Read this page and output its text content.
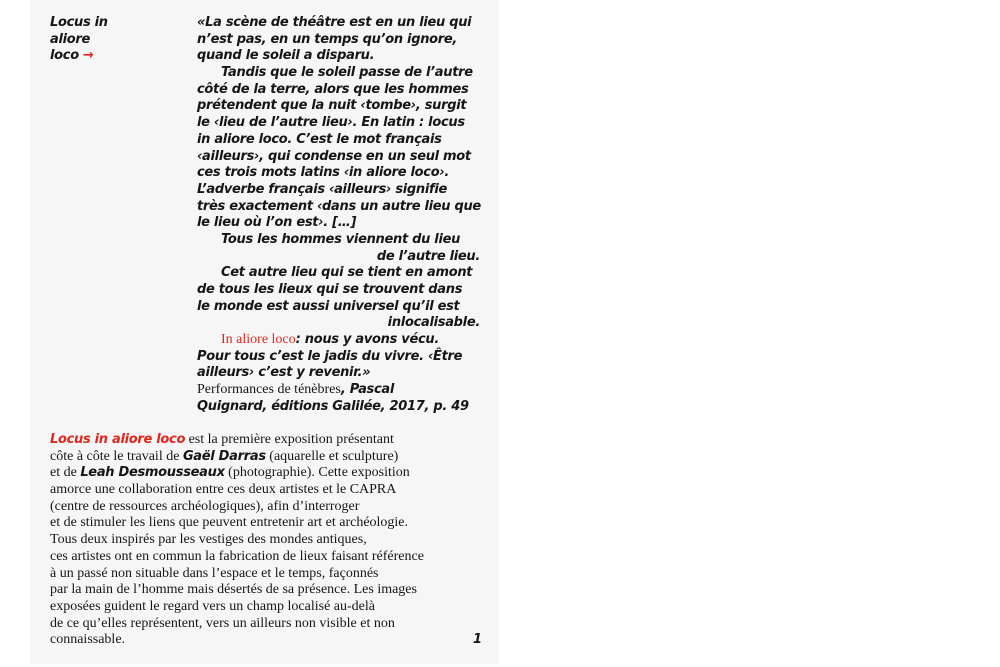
Locus in
aliore
loco →
«La scène de théâtre est en un lieu qui
n’est pas, en un temps qu’on ignore,
quand le soleil a disparu.
Tandis que le soleil passe de l’autre
côté de la terre, alors que les hommes
prétendent que la nuit ‹tombe›, surgit
le ‹lieu de l’autre lieu›. En latin : locus
in aliore loco. C’est le mot français
‹ailleurs›, qui condense en un seul mot
ces trois mots latins ‹in aliore loco›.
L’adverbe français ‹ailleurs› signifie
très exactement ‹dans un autre lieu que
le lieu où l’on est›. […]
Tous les hommes viennent du lieu
de l’autre lieu.
Cet autre lieu qui se tient en amont
de tous les lieux qui se trouvent dans
le monde est aussi universel qu’il est
inlocalisable.
In aliore loco: nous y avons vécu.
Pour tous c’est le jadis du vivre. ‹Être
ailleurs› c’est y revenir.»
Performances de ténèbres, Pascal
Quignard, éditions Galilée, 2017, p. 49
Locus in aliore loco est la première exposition présentant
côte à côte le travail de Gaël Darras (aquarelle et sculpture)
et de Leah Desmousseaux (photographie). Cette exposition
amorce une collaboration entre ces deux artistes et le CAPRA
(centre de ressources archéologiques), afin d’interroger
et de stimuler les liens que peuvent entretenir art et archéologie.
Tous deux inspirés par les vestiges des mondes antiques,
ces artistes ont en commun la fabrication de lieux faisant référence
à un passé non situable dans l’espace et le temps, façonnés
par la main de l’homme mais désertés de sa présence. Les images
exposées guident le regard vers un champ localisé au-delà
de ce qu’elles représentent, vers un ailleurs non visible et non
connaissable.	1
